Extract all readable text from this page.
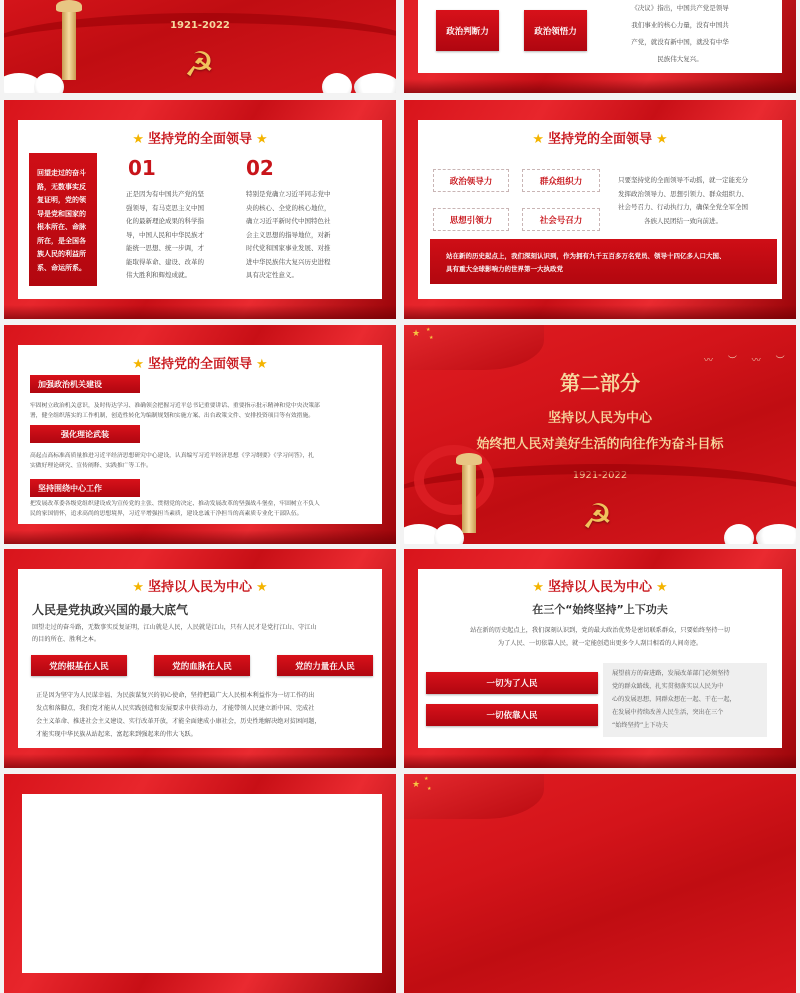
1921-2022
☭
政治判断力	政治领悟力
《决议》指出，中国共产党是领导
我们事业的核心力量，没有中国共
产党，就没有新中国，就没有中华
民族伟大复兴。
★ 坚持党的全面领导 ★
回望走过的奋斗
路，无数事实反
复证明，党的领
导是党和国家的
根本所在、命脉
所在，是全国各
族人民的利益所
系、命运所系。
01
正是因为有中国共产党的坚
强领导，有马克思主义中国
化的最新理论成果的科学指
导，中国人民和中华民族才
能统一思想、统一步调，才
能取得革命、建设、改革的
伟大胜利和辉煌成就。
02
特别是党确立习近平同志党中
央的核心、全党的核心地位，
确立习近平新时代中国特色社
会主义思想的指导地位，对新
时代党和国家事业发展、对推
进中华民族伟大复兴历史进程
具有决定性意义。
★ 坚持党的全面领导 ★
政治领导力	群众组织力
思想引领力	社会号召力
只要坚持党的全面领导不动摇，就一定能充分
发挥政治领导力、思想引领力、群众组织力、
社会号召力、行动执行力，确保全党全军全国
各族人民团结一致向前进。
站在新的历史起点上，我们深刻认识到，作为拥有九千五百多万名党员、领导十四亿多人口大国、
具有重大全球影响力的世界第一大执政党
★ 坚持党的全面领导 ★
加强政治机关建设
牢固树立政治机关意识，及时传达学习、准确领会把握习近平总书记重要讲话、重要指示批示精神和党中央决策部
署，健全组织落实的工作机制，创造性转化为编制规划和实施方案、出台政策文件、安排投资项目等有效措施。
强化理论武装
高起点高标准高质量推进习近平经济思想研究中心建设，认真编写习近平经济思想《学习纲要》《学习问答》，扎
实做好理论研究、宣传阐释、实践推广等工作。
坚持围绕中心工作
把发展改革委各级党组织建设成为宣传党的主张、贯彻党的决定、推动发展改革的坚强战斗堡垒，牢固树立不负人
民的家国情怀，追求高尚的思想境界，习近平增强担当素质，建设忠诚干净担当的高素质专业化干部队伍。
★ ★
★
〰 ︶ 〰 ︶
第二部分
坚持以人民为中心
始终把人民对美好生活的向往作为奋斗目标
1921-2022
☭
★ 坚持以人民为中心 ★
人民是党执政兴国的最大底气
回望走过的奋斗路，无数事实反复证明，江山就是人民，人民就是江山，只有人民才是党打江山、守江山
的目的所在、胜利之本。
党的根基在人民	党的血脉在人民	党的力量在人民
正是因为坚守为人民谋幸福、为民族谋复兴的初心使命，坚持把最广大人民根本利益作为一切工作的出
发点和落脚点，我们党才能从人民实践创造和发展要求中获得动力，才能带领人民建立新中国、完成社
会主义革命、推进社会主义建设、实行改革开放，才能全面建成小康社会，历史性地解决绝对贫困问题，
才能实现中华民族从站起来、富起来到强起来的伟大飞跃。
★ 坚持以人民为中心 ★
在三个“始终坚持”上下功夫
站在新的历史起点上，我们深刻认识到，党的最大政治优势是密切联系群众，只要始终坚持一切
为了人民、一切依靠人民，就一定能创造出更多令人刮目相看的人间奇迹。
一切为了人民
一切依靠人民
展望前方的奋进路，发展改革部门必须坚持
党的群众路线，扎实贯彻落实以人民为中
心的发展思想，同群众想在一起、干在一起，
在发展中持续改善人民生活，突出在三个
“始终坚持”上下功夫
★
★
★
